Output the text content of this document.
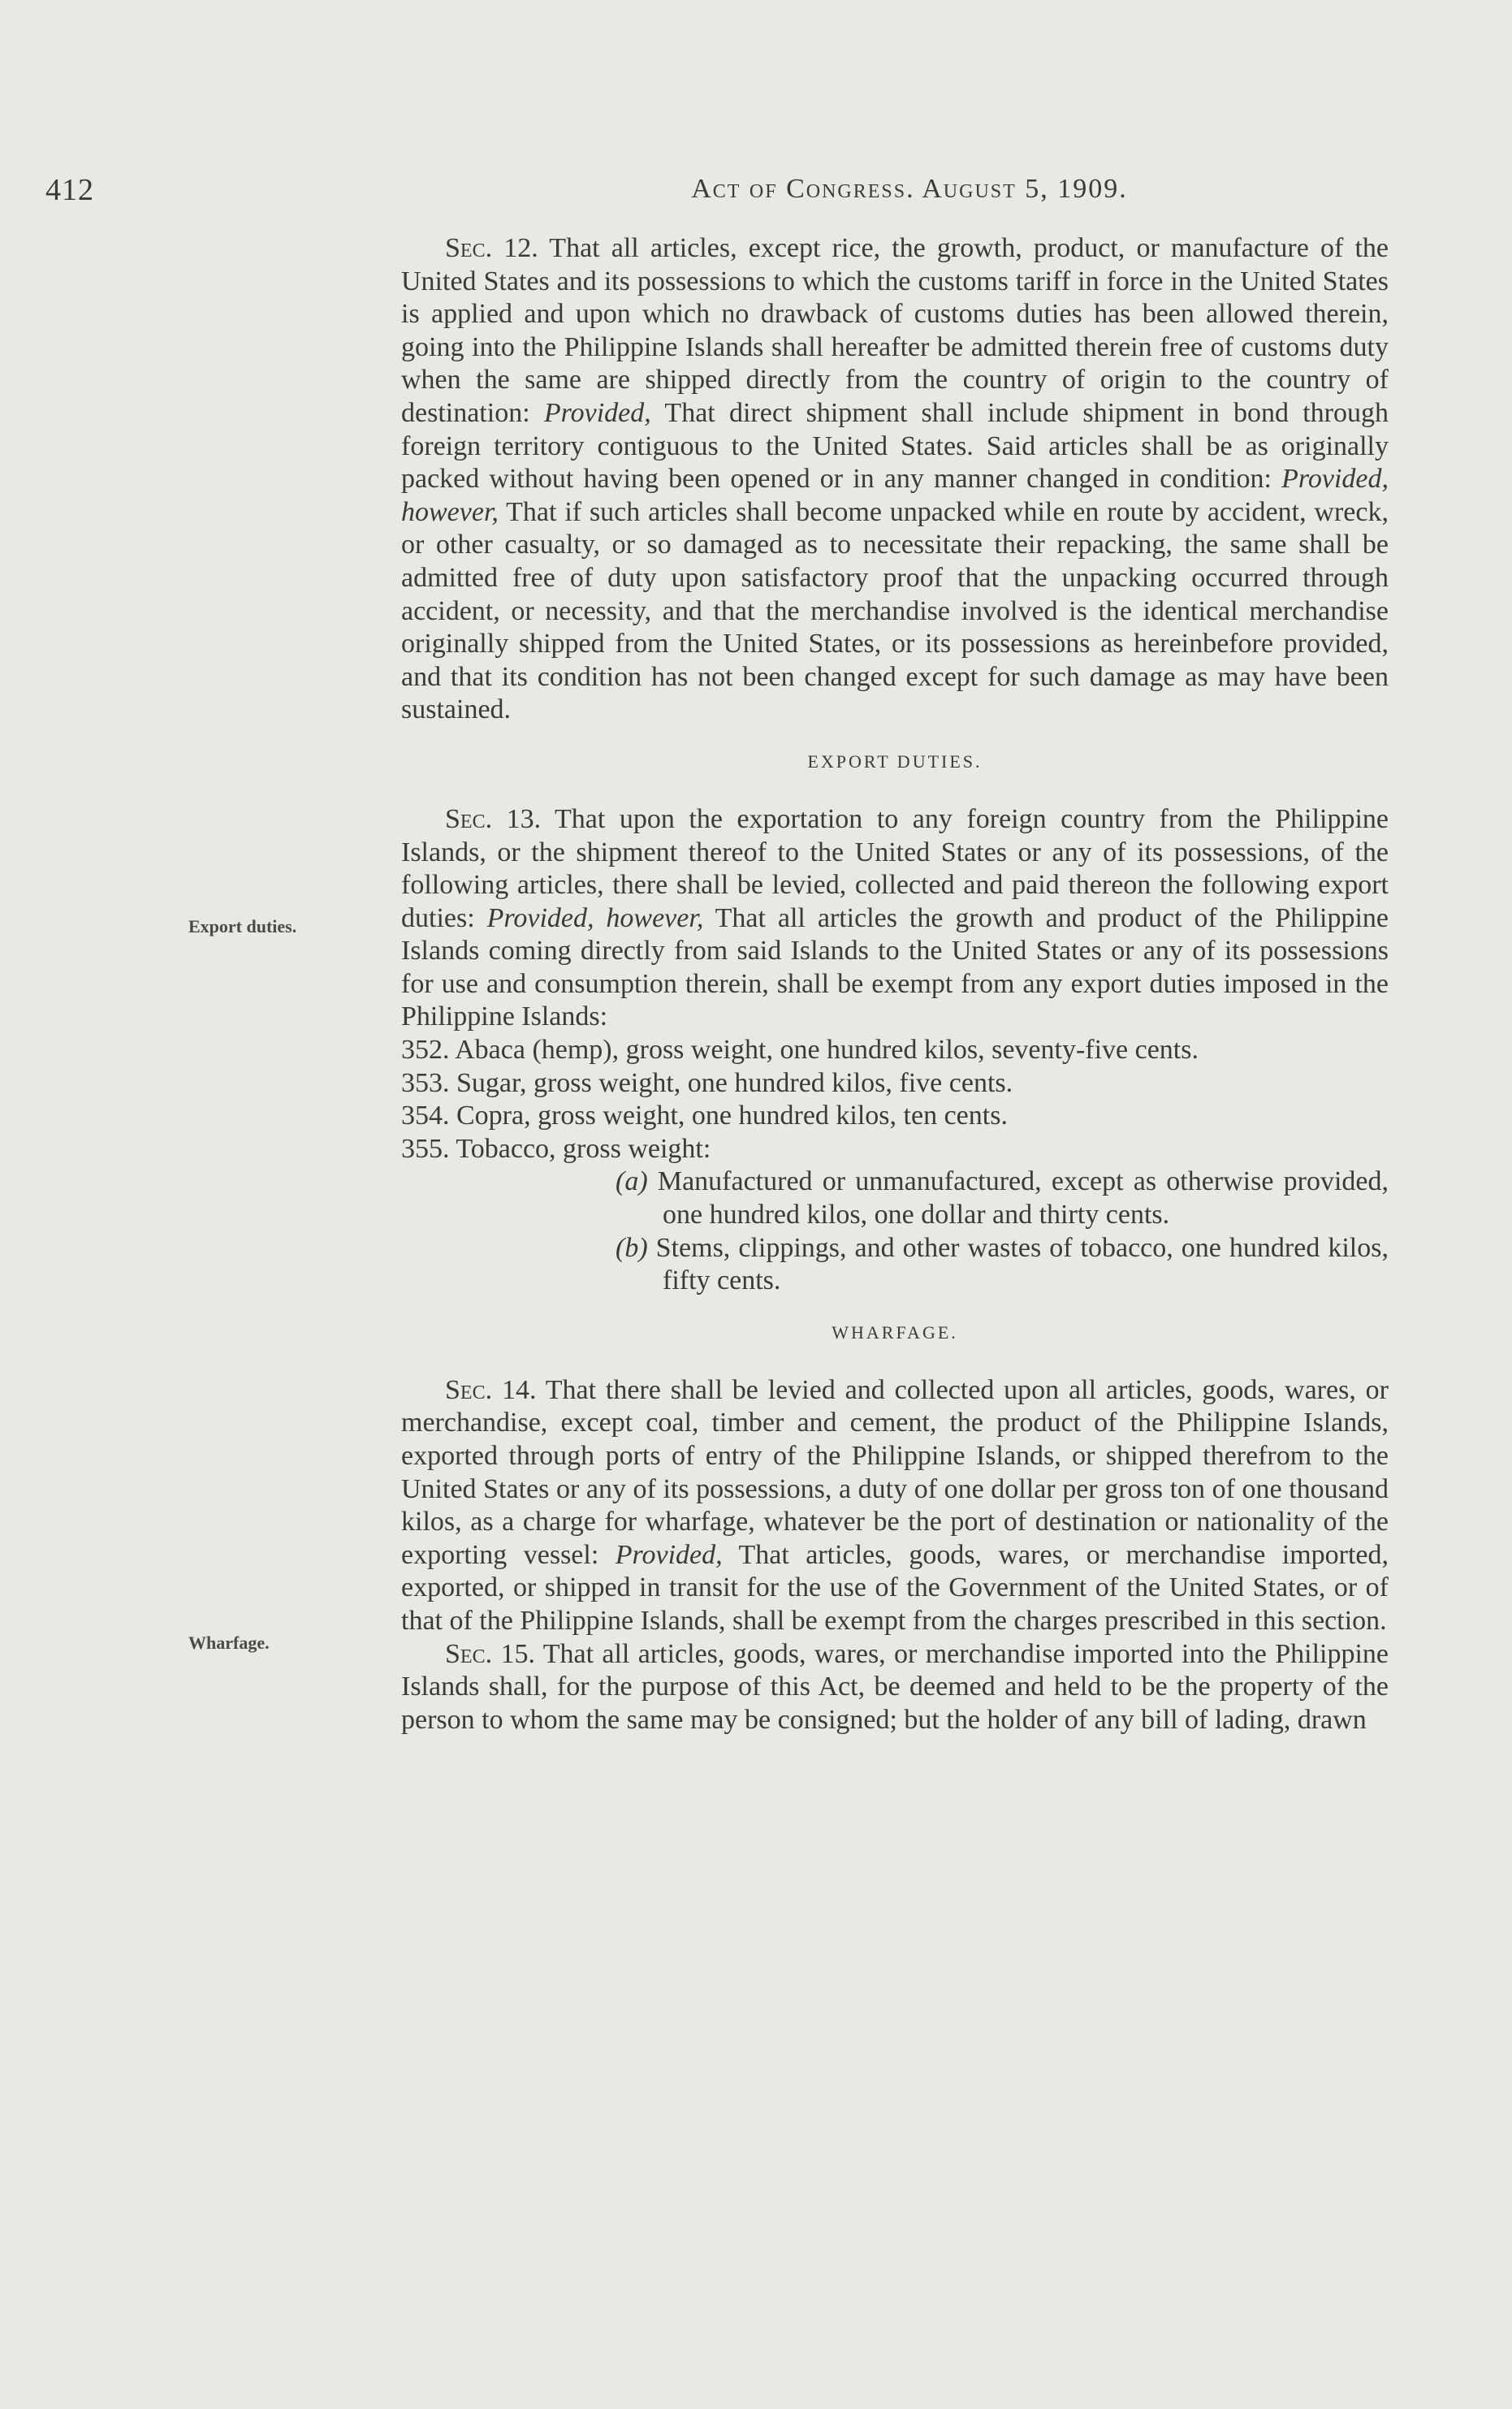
412	Act of Congress. August 5, 1909.
Export duties.
Wharfage.

Sec. 12. That all articles, except rice, the growth, product, or manufacture of the United States and its possessions to which the customs tariff in force in the United States is applied and upon which no drawback of customs duties has been allowed therein, going into the Philippine Islands shall hereafter be admitted therein free of customs duty when the same are shipped directly from the country of origin to the country of destination: Provided, That direct shipment shall include shipment in bond through foreign territory contiguous to the United States. Said articles shall be as originally packed without having been opened or in any manner changed in condition: Provided, however, That if such articles shall become unpacked while en route by accident, wreck, or other casualty, or so damaged as to necessitate their repacking, the same shall be admitted free of duty upon satisfactory proof that the unpacking occurred through accident, or necessity, and that the merchandise involved is the identical merchandise originally shipped from the United States, or its possessions as hereinbefore provided, and that its condition has not been changed except for such damage as may have been sustained.

EXPORT DUTIES.

Sec. 13. That upon the exportation to any foreign country from the Philippine Islands, or the shipment thereof to the United States or any of its possessions, of the following articles, there shall be levied, collected and paid thereon the following export duties: Provided, however, That all articles the growth and product of the Philippine Islands coming directly from said Islands to the United States or any of its possessions for use and consumption therein, shall be exempt from any export duties imposed in the Philippine Islands:

352. Abaca (hemp), gross weight, one hundred kilos, seventy-five cents.

353. Sugar, gross weight, one hundred kilos, five cents.

354. Copra, gross weight, one hundred kilos, ten cents.

355. Tobacco, gross weight:

(a) Manufactured or unmanufactured, except as otherwise provided, one hundred kilos, one dollar and thirty cents.

(b) Stems, clippings, and other wastes of tobacco, one hundred kilos, fifty cents.

WHARFAGE.

Sec. 14. That there shall be levied and collected upon all articles, goods, wares, or merchandise, except coal, timber and cement, the product of the Philippine Islands, exported through ports of entry of the Philippine Islands, or shipped therefrom to the United States or any of its possessions, a duty of one dollar per gross ton of one thousand kilos, as a charge for wharfage, whatever be the port of destination or nationality of the exporting vessel: Provided, That articles, goods, wares, or merchandise imported, exported, or shipped in transit for the use of the Government of the United States, or of that of the Philippine Islands, shall be exempt from the charges prescribed in this section.

Sec. 15. That all articles, goods, wares, or merchandise imported into the Philippine Islands shall, for the purpose of this Act, be deemed and held to be the property of the person to whom the same may be consigned; but the holder of any bill of lading, drawn
